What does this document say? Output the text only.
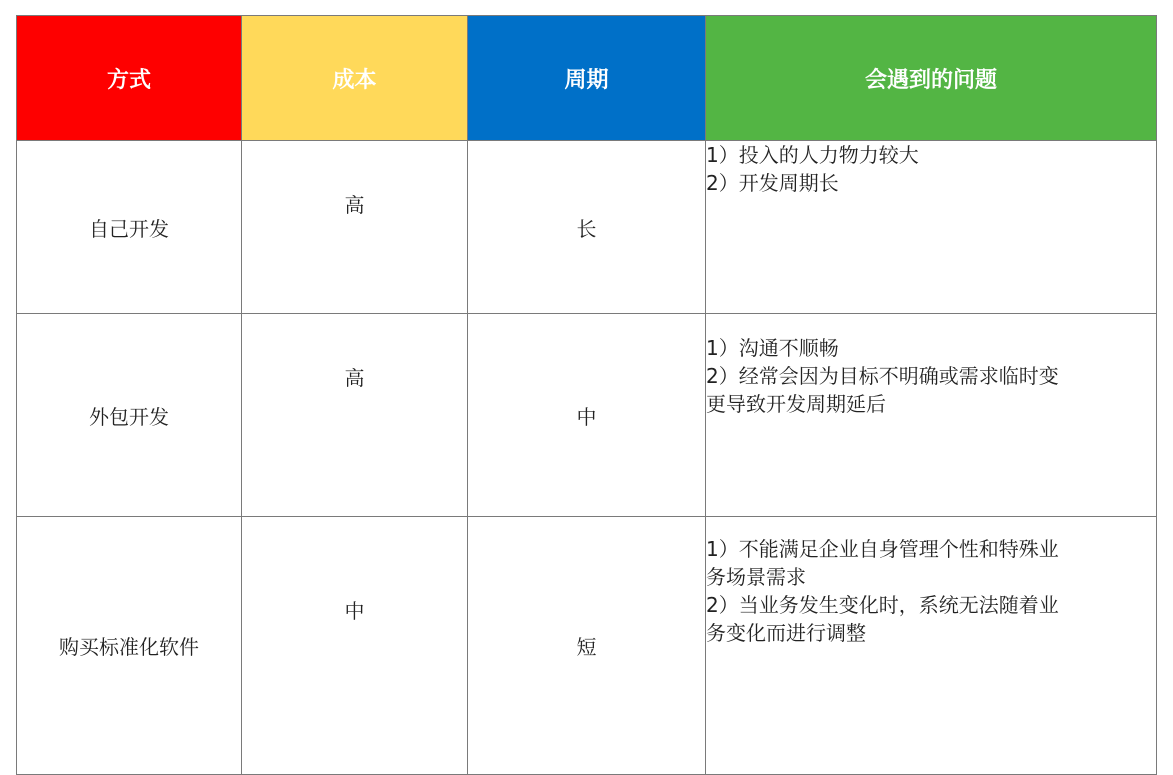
方式	成本	周期	会遇到的问题
自己开发	高	长	1）投入的人力物力较大
2）开发周期长

外包开发	高	中	1）沟通不顺畅
2）经常会因为目标不明确或需求临时变
更导致开发周期延后

购买标准化软件	中	短	1）不能满足企业自身管理个性和特殊业
务场景需求
2）当业务发生变化时，系统无法随着业
务变化而进行调整
